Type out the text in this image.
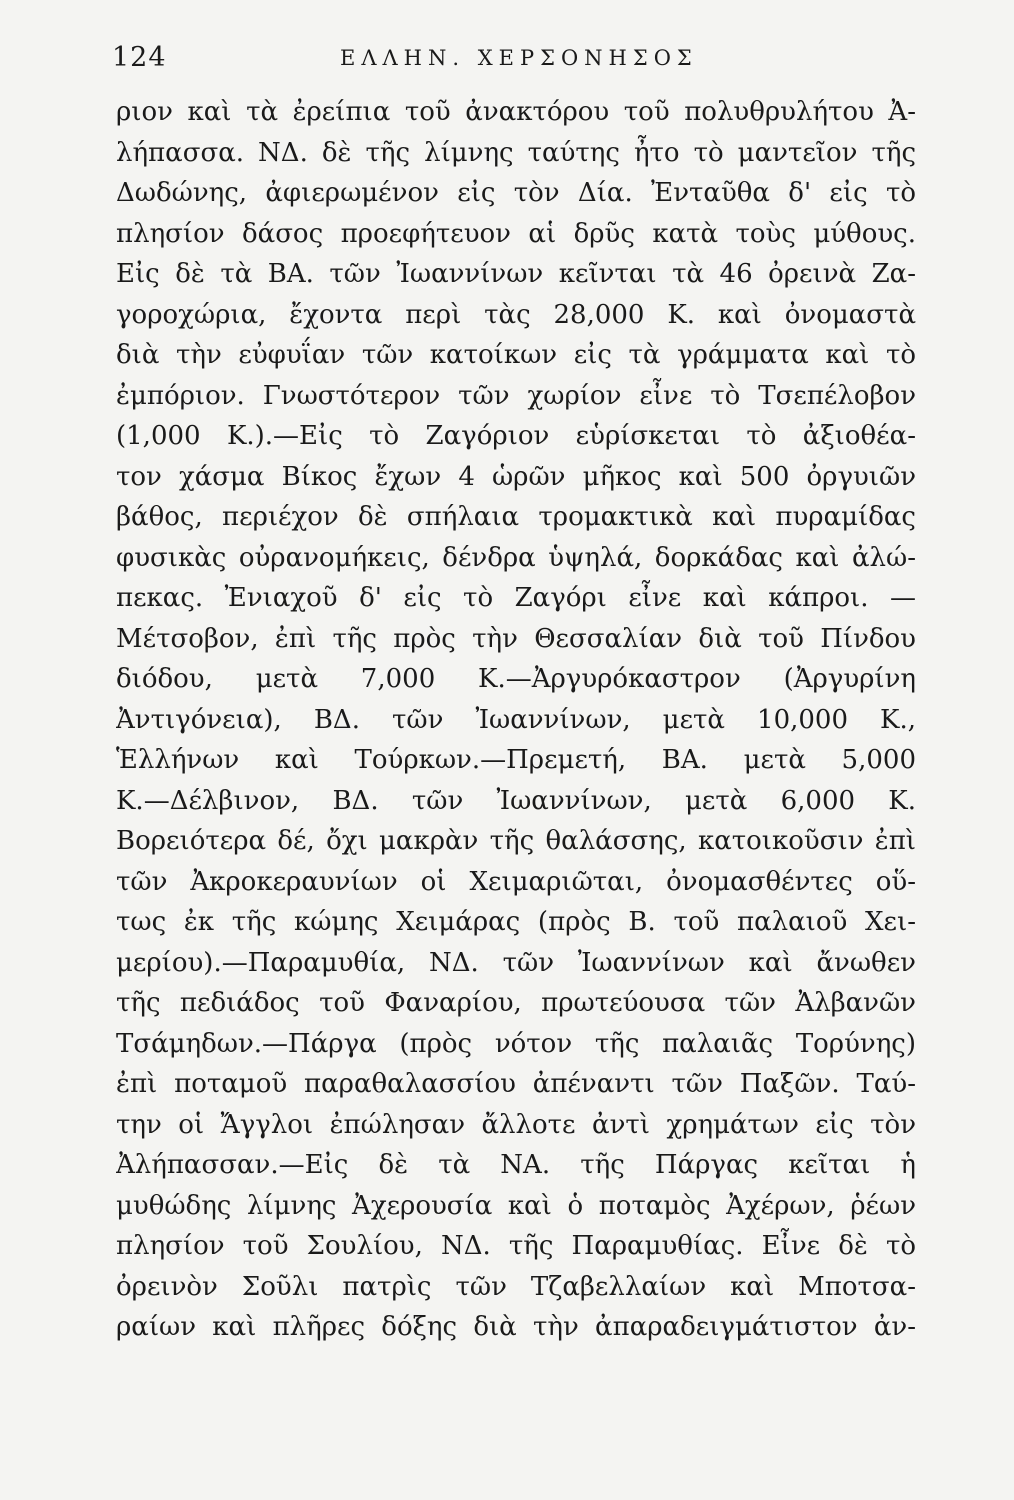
124	ΕΛΛΗΝ. ΧΕΡΣΟΝΗΣΟΣ
ριον καὶ τὰ ἐρείπια τοῦ ἀνακτόρου τοῦ πολυθρυλήτου Ἀ-
λήπασσα. ΝΔ. δὲ τῆς λίμνης ταύτης ἦτο τὸ μαντεῖον τῆς
Δωδώνης, ἀφιερωμένον εἰς τὸν Δία. Ἐνταῦθα δ' εἰς τὸ
πλησίον δάσος προεφήτευον αἱ δρῦς κατὰ τοὺς μύθους.
Εἰς δὲ τὰ ΒΑ. τῶν Ἰωαννίνων κεῖνται τὰ 46 ὀρεινὰ Ζα-
γοροχώρια, ἔχοντα περὶ τὰς 28,000 Κ. καὶ ὀνομαστὰ
διὰ τὴν εὐφυΐαν τῶν κατοίκων εἰς τὰ γράμματα καὶ τὸ
ἐμπόριον. Γνωστότερον τῶν χωρίον εἶνε τὸ Τσεπέλοβον
(1,000 Κ.).—Εἰς τὸ Ζαγόριον εὑρίσκεται τὸ ἀξιοθέα-
τον χάσμα Βίκος ἔχων 4 ὡρῶν μῆκος καὶ 500 ὀργυιῶν
βάθος, περιέχον δὲ σπήλαια τρομακτικὰ καὶ πυραμίδας
φυσικὰς οὐρανομήκεις, δένδρα ὑψηλά, δορκάδας καὶ ἀλώ-
πεκας. Ἐνιαχοῦ δ' εἰς τὸ Ζαγόρι εἶνε καὶ κάπροι. —
Μέτσοβον, ἐπὶ τῆς πρὸς τὴν Θεσσαλίαν διὰ τοῦ Πίνδου
διόδου, μετὰ 7,000 Κ.—Ἀργυρόκαστρον (Ἀργυρίνη
Ἀντιγόνεια), ΒΔ. τῶν Ἰωαννίνων, μετὰ 10,000 Κ.,
Ἑλλήνων καὶ Τούρκων.—Πρεμετή, ΒΑ. μετὰ 5,000
Κ.—Δέλβινον, ΒΔ. τῶν Ἰωαννίνων, μετὰ 6,000 Κ.
Βορειότερα δέ, ὄχι μακρὰν τῆς θαλάσσης, κατοικοῦσιν ἐπὶ
τῶν Ἀκροκεραυνίων οἱ Χειμαριῶται, ὀνομασθέντες οὕ-
τως ἐκ τῆς κώμης Χειμάρας (πρὸς Β. τοῦ παλαιοῦ Χει-
μερίου).—Παραμυθία, ΝΔ. τῶν Ἰωαννίνων καὶ ἄνωθεν
τῆς πεδιάδος τοῦ Φαναρίου, πρωτεύουσα τῶν Ἀλβανῶν
Τσάμηδων.—Πάργα (πρὸς νότον τῆς παλαιᾶς Τορύνης)
ἐπὶ ποταμοῦ παραθαλασσίου ἀπέναντι τῶν Παξῶν. Ταύ-
την οἱ Ἄγγλοι ἐπώλησαν ἄλλοτε ἀντὶ χρημάτων εἰς τὸν
Ἀλήπασσαν.—Εἰς δὲ τὰ ΝΑ. τῆς Πάργας κεῖται ἡ
μυθώδης λίμνης Ἀχερουσία καὶ ὁ ποταμὸς Ἀχέρων, ῥέων
πλησίον τοῦ Σουλίου, ΝΔ. τῆς Παραμυθίας. Εἶνε δὲ τὸ
ὀρεινὸν Σοῦλι πατρὶς τῶν Τζαβελλαίων καὶ Μποτσα-
ραίων καὶ πλῆρες δόξης διὰ τὴν ἀπαραδειγμάτιστον ἀν-
